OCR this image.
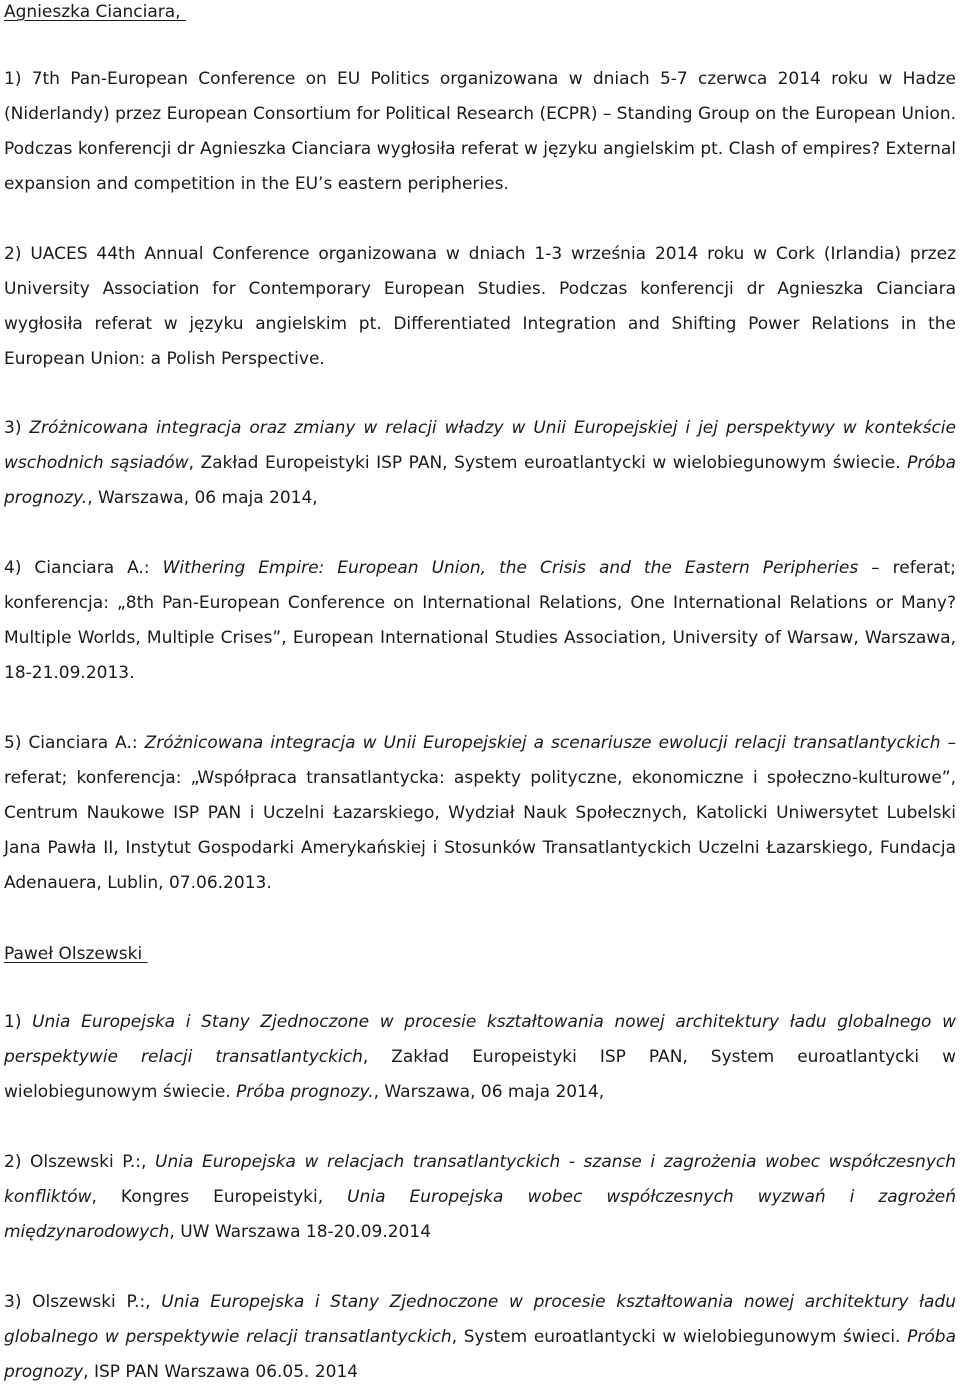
Agnieszka Cianciara,

1) 7th Pan-European Conference on EU Politics organizowana w dniach 5-7 czerwca 2014 roku w Hadze (Niderlandy) przez European Consortium for Political Research (ECPR) – Standing Group on the European Union. Podczas konferencji dr Agnieszka Cianciara wygłosiła referat w języku angielskim pt. Clash of empires? External expansion and competition in the EU’s eastern peripheries.

2) UACES 44th Annual Conference organizowana w dniach 1-3 września 2014 roku w Cork (Irlandia) przez University Association for Contemporary European Studies. Podczas konferencji dr Agnieszka Cianciara wygłosiła referat w języku angielskim pt. Differentiated Integration and Shifting Power Relations in the European Union: a Polish Perspective.

3) Zróżnicowana integracja oraz zmiany w relacji władzy w Unii Europejskiej i jej perspektywy w kontekście wschodnich sąsiadów, Zakład Europeistyki ISP PAN, System euroatlantycki w wielobiegunowym świecie. Próba prognozy., Warszawa, 06 maja 2014,

4) Cianciara A.: Withering Empire: European Union, the Crisis and the Eastern Peripheries – referat; konferencja: „8th Pan-European Conference on International Relations, One International Relations or Many? Multiple Worlds, Multiple Crises”, European International Studies Association, University of Warsaw, Warszawa, 18-21.09.2013.

5) Cianciara A.: Zróżnicowana integracja w Unii Europejskiej a scenariusze ewolucji relacji transatlantyckich – referat; konferencja: „Współpraca transatlantycka: aspekty polityczne, ekonomiczne i społeczno-kulturowe”, Centrum Naukowe ISP PAN i Uczelni Łazarskiego, Wydział Nauk Społecznych, Katolicki Uniwersytet Lubelski Jana Pawła II, Instytut Gospodarki Amerykańskiej i Stosunków Transatlantyckich Uczelni Łazarskiego, Fundacja Adenauera, Lublin, 07.06.2013.

Paweł Olszewski

1) Unia Europejska i Stany Zjednoczone w procesie kształtowania nowej architektury ładu globalnego w perspektywie relacji transatlantyckich, Zakład Europeistyki ISP PAN, System euroatlantycki w wielobiegunowym świecie. Próba prognozy., Warszawa, 06 maja 2014,

2) Olszewski P.:, Unia Europejska w relacjach transatlantyckich - szanse i zagrożenia wobec współczesnych konfliktów, Kongres Europeistyki, Unia Europejska wobec współczesnych wyzwań i zagrożeń międzynarodowych, UW Warszawa 18-20.09.2014

3) Olszewski P.:, Unia Europejska i Stany Zjednoczone w procesie kształtowania nowej architektury ładu globalnego w perspektywie relacji transatlantyckich, System euroatlantycki w wielobiegunowym świeci. Próba prognozy, ISP PAN Warszawa 06.05. 2014
